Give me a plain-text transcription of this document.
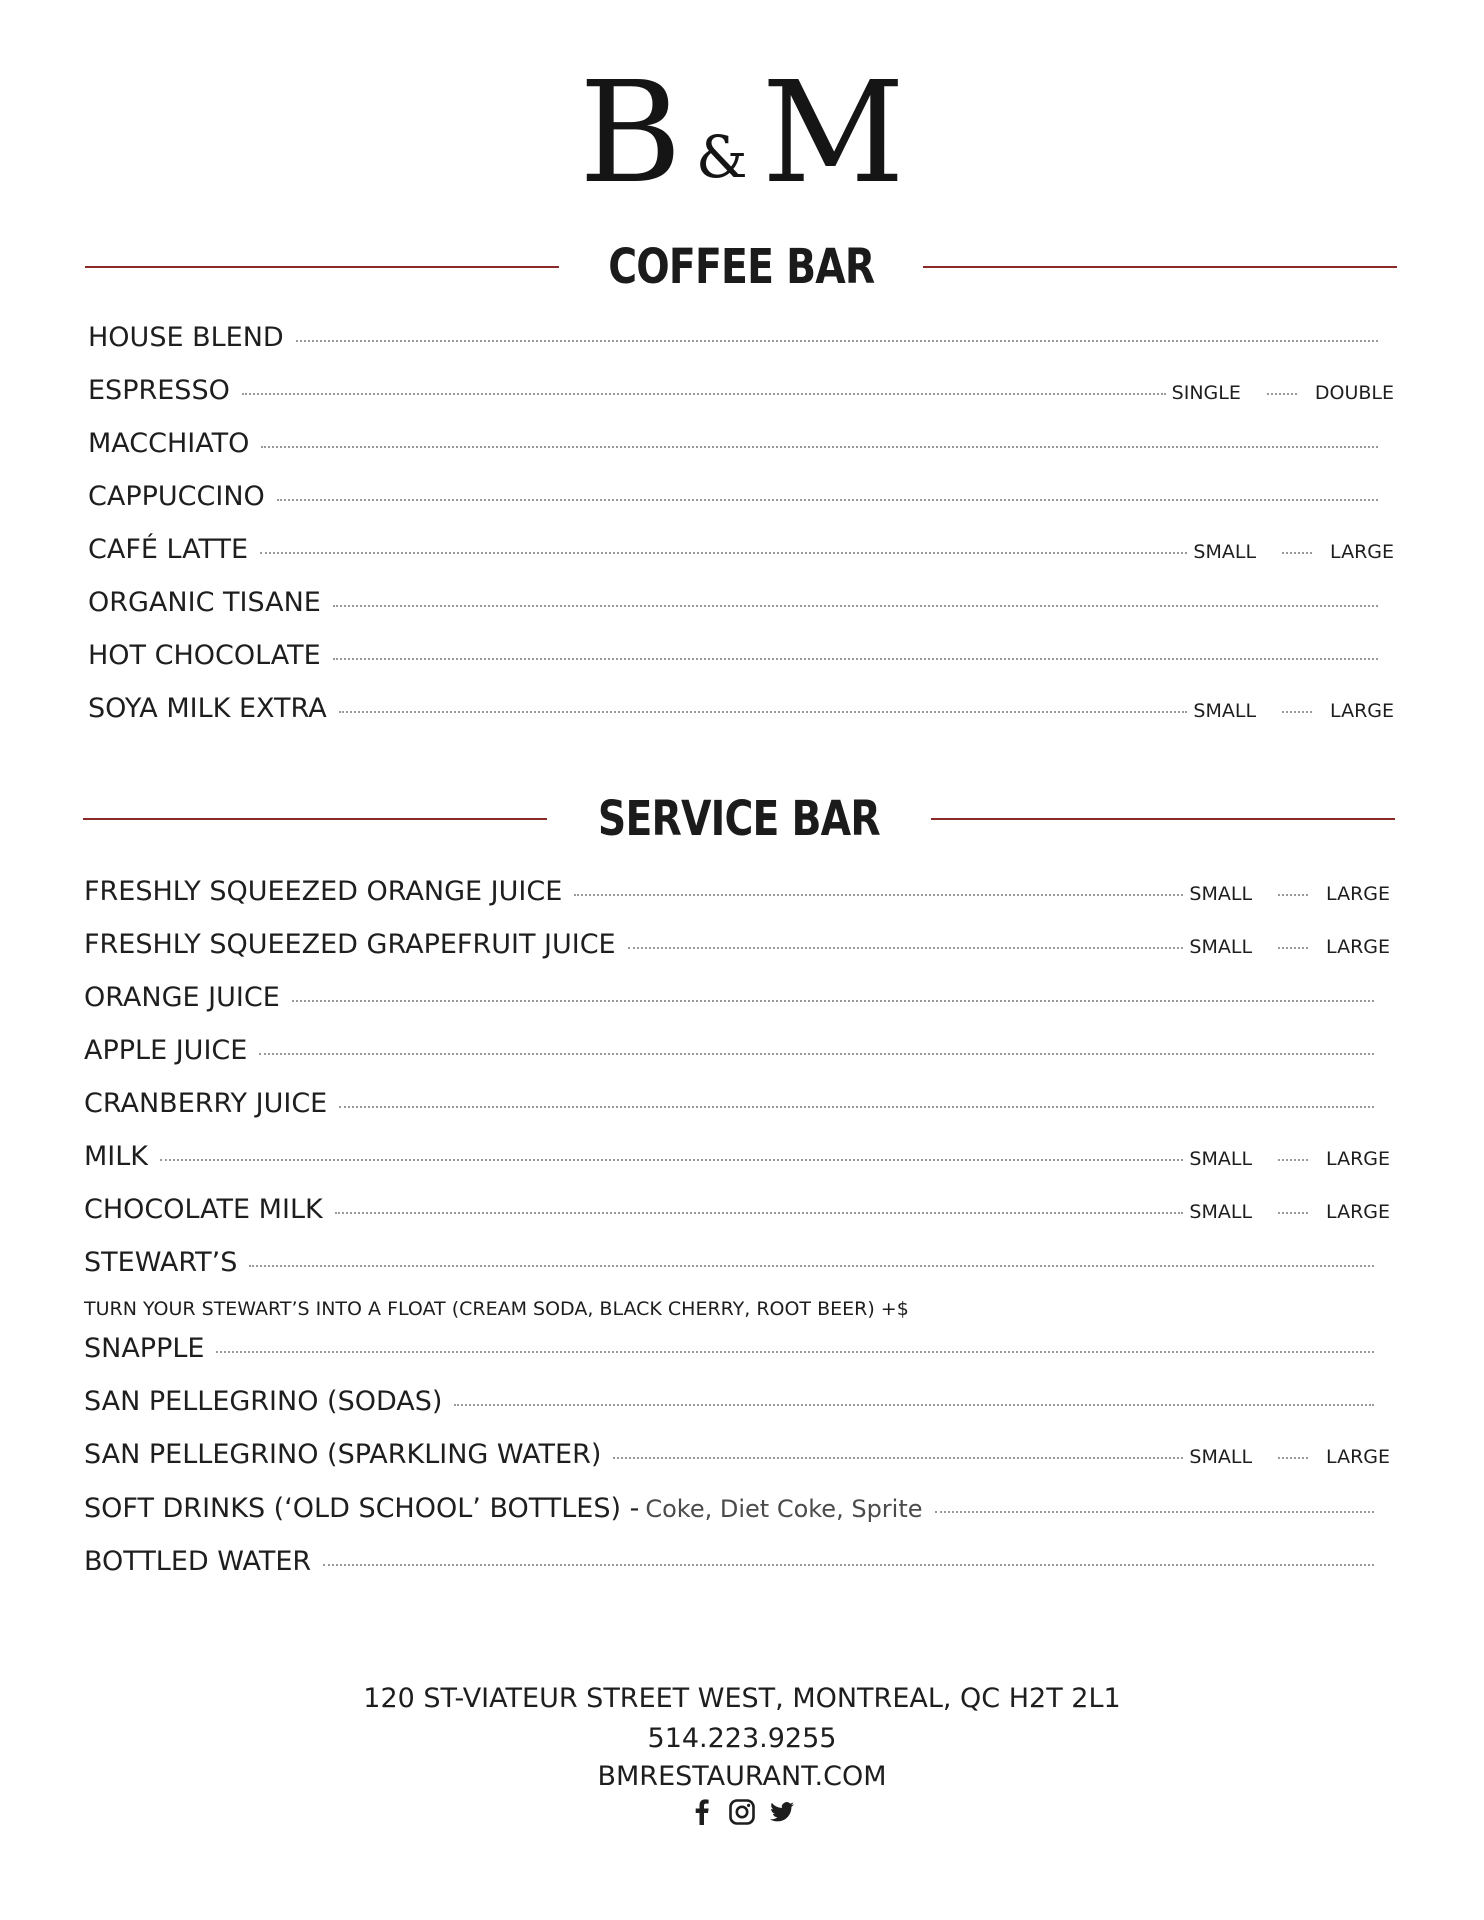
B & M
COFFEE BAR
HOUSE BLEND
ESPRESSO	SINGLE	DOUBLE
MACCHIATO
CAPPUCCINO
CAFÉ LATTE	SMALL	LARGE
ORGANIC TISANE
HOT CHOCOLATE
SOYA MILK EXTRA	SMALL	LARGE
SERVICE BAR
FRESHLY SQUEEZED ORANGE JUICE	SMALL	LARGE
FRESHLY SQUEEZED GRAPEFRUIT JUICE	SMALL	LARGE
ORANGE JUICE
APPLE JUICE
CRANBERRY JUICE
MILK	SMALL	LARGE
CHOCOLATE MILK	SMALL	LARGE
STEWART’S
SNAPPLE
SAN PELLEGRINO (SODAS)
SAN PELLEGRINO (SPARKLING WATER)	SMALL	LARGE
SOFT DRINKS (‘OLD SCHOOL’ BOTTLES) - Coke, Diet Coke, Sprite
BOTTLED WATER
TURN YOUR STEWART’S INTO A FLOAT (CREAM SODA, BLACK CHERRY, ROOT BEER) +$
120 ST-VIATEUR STREET WEST, MONTREAL, QC H2T 2L1
514.223.9255
BMRESTAURANT.COM
